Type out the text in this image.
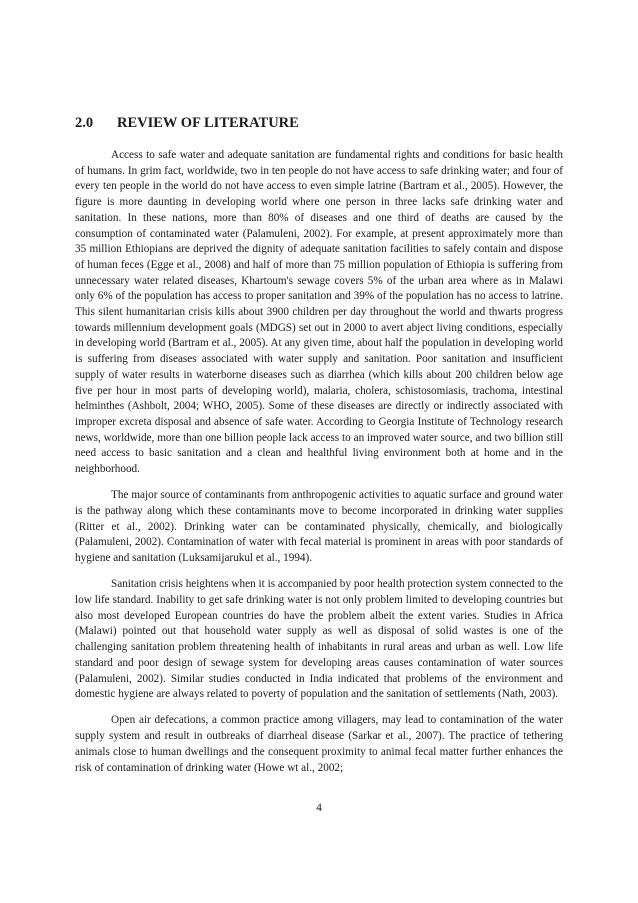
2.0 REVIEW OF LITERATURE

Access to safe water and adequate sanitation are fundamental rights and conditions for basic health of humans. In grim fact, worldwide, two in ten people do not have access to safe drinking water; and four of every ten people in the world do not have access to even simple latrine (Bartram et al., 2005). However, the figure is more daunting in developing world where one person in three lacks safe drinking water and sanitation. In these nations, more than 80% of diseases and one third of deaths are caused by the consumption of contaminated water (Palamuleni, 2002). For example, at present approximately more than 35 million Ethiopians are deprived the dignity of adequate sanitation facilities to safely contain and dispose of human feces (Egge et al., 2008) and half of more than 75 million population of Ethiopia is suffering from unnecessary water related diseases, Khartoum's sewage covers 5% of the urban area where as in Malawi only 6% of the population has access to proper sanitation and 39% of the population has no access to latrine. This silent humanitarian crisis kills about 3900 children per day throughout the world and thwarts progress towards millennium development goals (MDGS) set out in 2000 to avert abject living conditions, especially in developing world (Bartram et al., 2005). At any given time, about half the population in developing world is suffering from diseases associated with water supply and sanitation. Poor sanitation and insufficient supply of water results in waterborne diseases such as diarrhea (which kills about 200 children below age five per hour in most parts of developing world), malaria, cholera, schistosomiasis, trachoma, intestinal helminthes (Ashbolt, 2004; WHO, 2005). Some of these diseases are directly or indirectly associated with improper excreta disposal and absence of safe water. According to Georgia Institute of Technology research news, worldwide, more than one billion people lack access to an improved water source, and two billion still need access to basic sanitation and a clean and healthful living environment both at home and in the neighborhood.

The major source of contaminants from anthropogenic activities to aquatic surface and ground water is the pathway along which these contaminants move to become incorporated in drinking water supplies (Ritter et al., 2002). Drinking water can be contaminated physically, chemically, and biologically (Palamuleni, 2002). Contamination of water with fecal material is prominent in areas with poor standards of hygiene and sanitation (Luksamijarukul et al., 1994).

Sanitation crisis heightens when it is accompanied by poor health protection system connected to the low life standard. Inability to get safe drinking water is not only problem limited to developing countries but also most developed European countries do have the problem albeit the extent varies. Studies in Africa (Malawi) pointed out that household water supply as well as disposal of solid wastes is one of the challenging sanitation problem threatening health of inhabitants in rural areas and urban as well. Low life standard and poor design of sewage system for developing areas causes contamination of water sources (Palamuleni, 2002). Similar studies conducted in India indicated that problems of the environment and domestic hygiene are always related to poverty of population and the sanitation of settlements (Nath, 2003).

Open air defecations, a common practice among villagers, may lead to contamination of the water supply system and result in outbreaks of diarrheal disease (Sarkar et al., 2007). The practice of tethering animals close to human dwellings and the consequent proximity to animal fecal matter further enhances the risk of contamination of drinking water (Howe wt al., 2002;

4
